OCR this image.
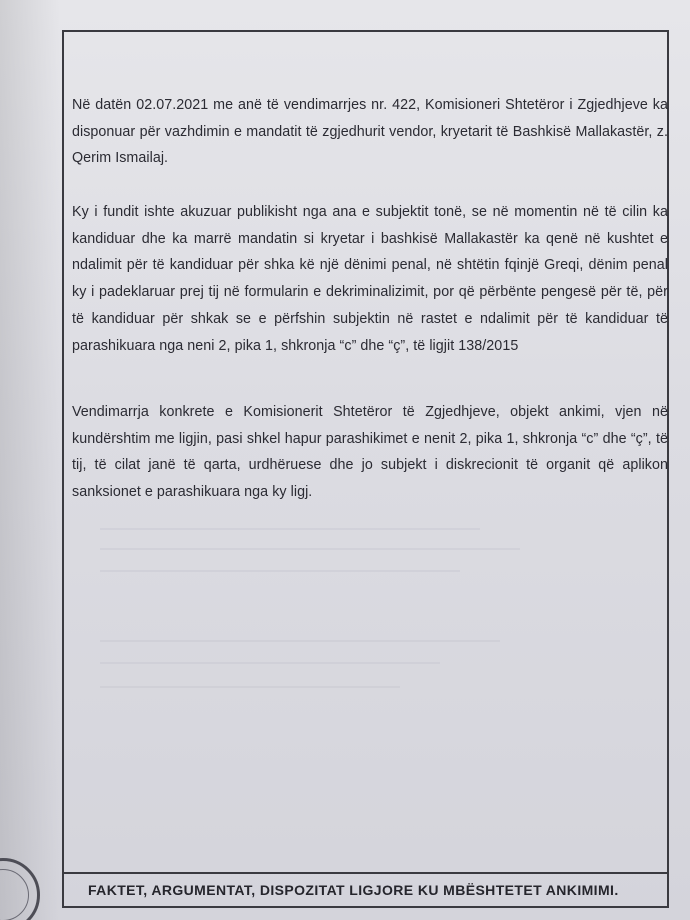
Në datën 02.07.2021 me anë të vendimarrjes nr. 422, Komisioneri Shtetëror i Zgjedhjeve ka disponuar për vazhdimin e mandatit të zgjedhurit vendor, kryetarit të Bashkisë Mallakastër, z. Qerim Ismailaj.
Ky i fundit ishte akuzuar publikisht nga ana e subjektit tonë, se në momentin në të cilin ka kandiduar dhe ka marrë mandatin si kryetar i bashkisë Mallakastër ka qenë në kushtet e ndalimit për të kandiduar për shka kë një dënimi penal, në shtëtin fqinjë Greqi, dënim penal ky i padeklaruar prej tij në formularin e dekriminalizimit, por që përbënte pengesë për të, për të kandiduar për shkak se e përfshin subjektin në rastet e ndalimit për të kandiduar të parashikuara nga neni 2, pika 1, shkronja “c” dhe “ç”, të ligjit 138/2015
Vendimarrja konkrete e Komisionerit Shtetëror të Zgjedhjeve, objekt ankimi, vjen në kundërshtim me ligjin, pasi shkel hapur parashikimet e nenit 2, pika 1, shkronja “c” dhe “ç”, të tij, të cilat janë të qarta, urdhëruese dhe jo subjekt i diskrecionit të organit që aplikon sanksionet e parashikuara nga ky ligj.
FAKTET, ARGUMENTAT, DISPOZITAT LIGJORE KU MBËSHTETET ANKIMIMI.
